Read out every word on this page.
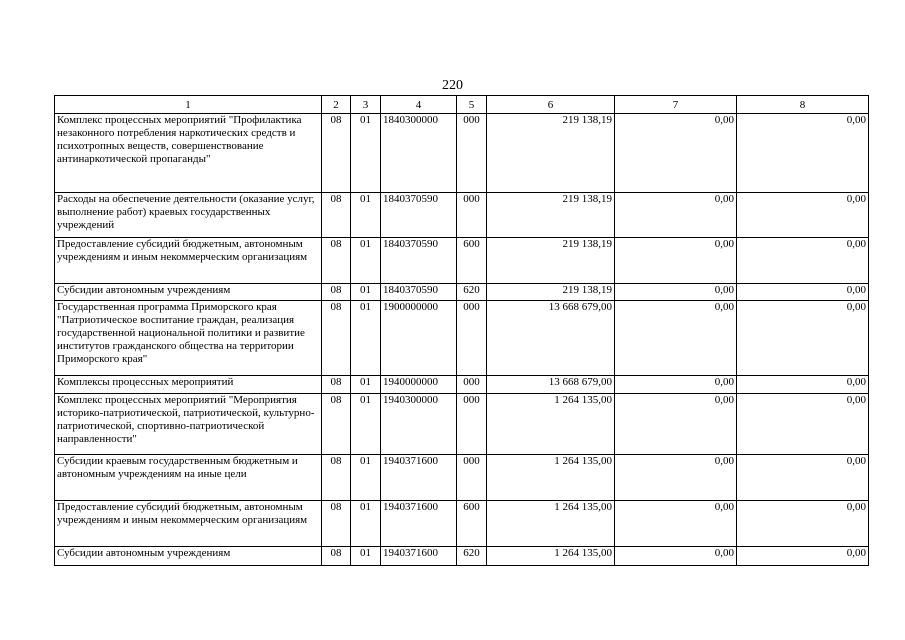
220
1	2	3	4	5	6	7	8
Комплекс процессных мероприятий "Профилактика незаконного потребления наркотических средств и психотропных веществ, совершенствование антинаркотической пропаганды"	08	01	1840300000	000	219 138,19	0,00	0,00
Расходы на обеспечение деятельности (оказание услуг, выполнение работ) краевых государственных учреждений	08	01	1840370590	000	219 138,19	0,00	0,00
Предоставление субсидий бюджетным, автономным учреждениям и иным некоммерческим организациям	08	01	1840370590	600	219 138,19	0,00	0,00
Субсидии автономным учреждениям	08	01	1840370590	620	219 138,19	0,00	0,00
Государственная программа Приморского края "Патриотическое воспитание граждан, реализация государственной национальной политики и развитие институтов гражданского общества на территории Приморского края"	08	01	1900000000	000	13 668 679,00	0,00	0,00
Комплексы процессных мероприятий	08	01	1940000000	000	13 668 679,00	0,00	0,00
Комплекс процессных мероприятий "Мероприятия историко-патриотической, патриотической, культурно-патриотической, спортивно-патриотической направленности"	08	01	1940300000	000	1 264 135,00	0,00	0,00
Субсидии краевым государственным бюджетным и автономным учреждениям на иные цели	08	01	1940371600	000	1 264 135,00	0,00	0,00
Предоставление субсидий бюджетным, автономным учреждениям и иным некоммерческим организациям	08	01	1940371600	600	1 264 135,00	0,00	0,00
Субсидии автономным учреждениям	08	01	1940371600	620	1 264 135,00	0,00	0,00
